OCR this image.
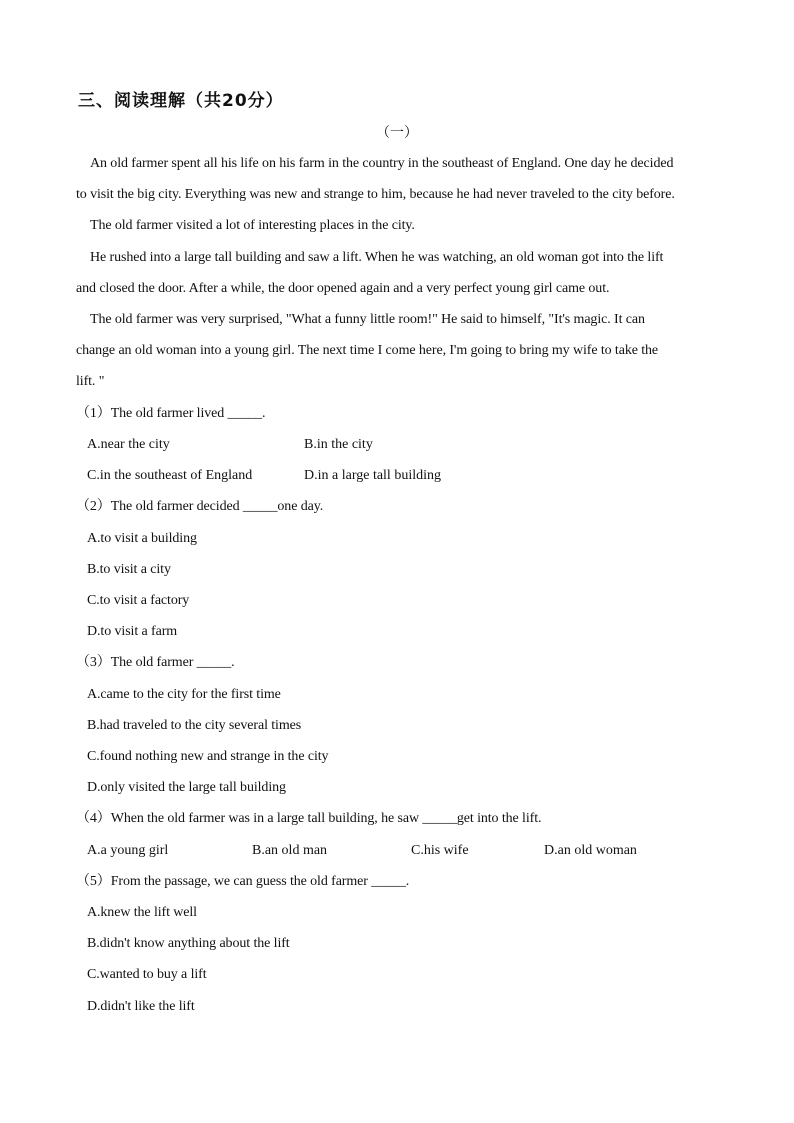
三、阅读理解（共20分）
（一）
An old farmer spent all his life on his farm in the country in the southeast of England. One day he decided
to visit the big city. Everything was new and strange to him, because he had never traveled to the city before.
The old farmer visited a lot of interesting places in the city.
He rushed into a large tall building and saw a lift. When he was watching, an old woman got into the lift
and closed the door. After a while, the door opened again and a very perfect young girl came out.
The old farmer was very surprised, "What a funny little room!" He said to himself, "It's magic. It can
change an old woman into a young girl. The next time I come here, I'm going to bring my wife to take the
lift. "
（1）The old farmer lived _____.
A.near the city	B.in the city
C.in the southeast of England	D.in a large tall building
（2）The old farmer decided _____one day.
A.to visit a building
B.to visit a city
C.to visit a factory
D.to visit a farm
（3）The old farmer _____.
A.came to the city for the first time
B.had traveled to the city several times
C.found nothing new and strange in the city
D.only visited the large tall building
（4）When the old farmer was in a large tall building, he saw _____get into the lift.
A.a young girl	B.an old man	C.his wife	D.an old woman
（5）From the passage, we can guess the old farmer _____.
A.knew the lift well
B.didn't know anything about the lift
C.wanted to buy a lift
D.didn't like the lift
